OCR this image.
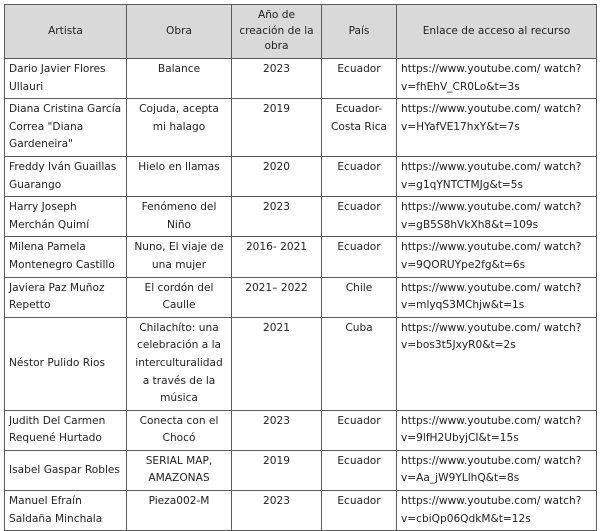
Artista	Obra	Año de creación de la obra	País	Enlace de acceso al recurso
Dario Javier Flores Ullauri	Balance	2023	Ecuador	https://www.youtube.com/ watch?v=fhEhV_CR0Lo&t=3s
Diana Cristina García Correa "Diana Gardeneira"	Cojuda, acepta mi halago	2019	Ecuador-Costa Rica	https://www.youtube.com/ watch?v=HYafVE17hxY&t=7s
Freddy Iván Guaillas Guarango	Hielo en llamas	2020	Ecuador	https://www.youtube.com/ watch?v=g1qYNTCTMJg&t=5s
Harry Joseph Merchán Quimí	Fenómeno del Niño	2023	Ecuador	https://www.youtube.com/ watch?v=gB5S8hVkXh8&t=109s
Milena Pamela Montenegro Castillo	Nuno, El viaje de una mujer	2016- 2021	Ecuador	https://www.youtube.com/ watch?v=9QORUYpe2fg&t=6s
Javiera Paz Muñoz Repetto	El cordón del Caulle	2021– 2022	Chile	https://www.youtube.com/ watch?v=mlyqS3MChjw&t=1s
Néstor Pulido Rios	Chilachíto: una celebración a la interculturalidad a través de la música	2021	Cuba	https://www.youtube.com/ watch?v=bos3t5JxyR0&t=2s
Judith Del Carmen Requené Hurtado	Conecta con el Chocó	2023	Ecuador	https://www.youtube.com/ watch?v=9lfH2UbyjCI&t=15s
Isabel Gaspar Robles	SERIAL MAP, AMAZONAS	2019	Ecuador	https://www.youtube.com/ watch?v=Aa_jW9YLlhQ&t=8s
Manuel Efraín Saldaña Minchala	Pieza002-M	2023	Ecuador	https://www.youtube.com/ watch?v=cbiQp06QdkM&t=12s
